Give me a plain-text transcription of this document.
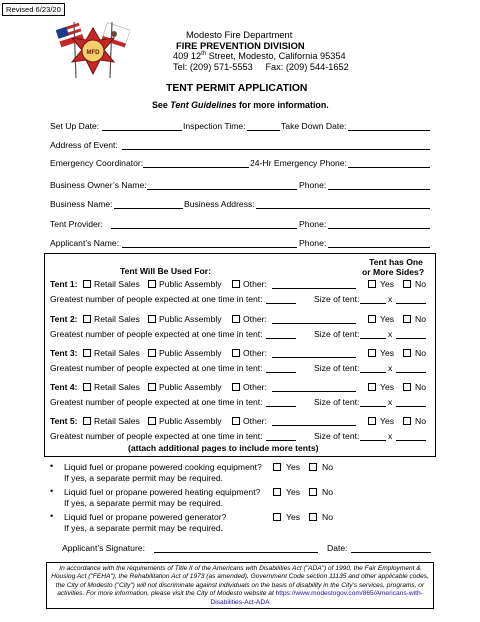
Revised 6/23/20
MFD
Modesto Fire Department
FIRE PREVENTION DIVISION
409 12th Street, Modesto, California 95354
Tel: (209) 571-5553     Fax: (209) 544-1652
TENT PERMIT APPLICATION
See Tent Guidelines for more information.
Set Up Date:	Inspection Time:	Take Down Date:
Address of Event:
Emergency Coordinator:	24-Hr Emergency Phone:
Business Owner’s Name:	Phone:
Business Name:	Business Address:
Tent Provider:	Phone:
Applicant’s Name:	Phone:
Tent Will Be Used For:
Tent has One
or More Sides?
Tent 1: Retail Sales Public Assembly Other:	Yes No
Greatest number of people expected at one time in tent:	Size of tent:	x
Tent 2: Retail Sales Public Assembly Other:	Yes No
Greatest number of people expected at one time in tent:	Size of tent:	x
Tent 3: Retail Sales Public Assembly Other:	Yes No
Greatest number of people expected at one time in tent:	Size of tent:	x
Tent 4: Retail Sales Public Assembly Other:	Yes No
Greatest number of people expected at one time in tent:	Size of tent:	x
Tent 5: Retail Sales Public Assembly Other:	Yes No
Greatest number of people expected at one time in tent:	Size of tent:	x
(attach additional pages to include more tents)
• Liquid fuel or propane powered cooking equipment?
If yes, a separate permit may be required.
Yes	No
• Liquid fuel or propane powered heating equipment?
If yes, a separate permit may be required.
Yes	No
• Liquid fuel or propane powered generator?
If yes, a separate permit may be required.
Yes	No
Applicant’s Signature:	Date:
In accordance with the requirements of Title II of the Americans with Disabilities Act ("ADA") of 1990, the Fair Employment & Housing Act ("FEHA"), the Rehabilitation Act of 1973 (as amended), Government Code section 11135 and other applicable codes, the City of Modesto ("City") will not discriminate against individuals on the basis of disability in the City's services, programs, or activities. For more information, please visit the City of Modesto website at https://www.modestogov.com/865/Americans-with-Disabilities-Act-ADA
